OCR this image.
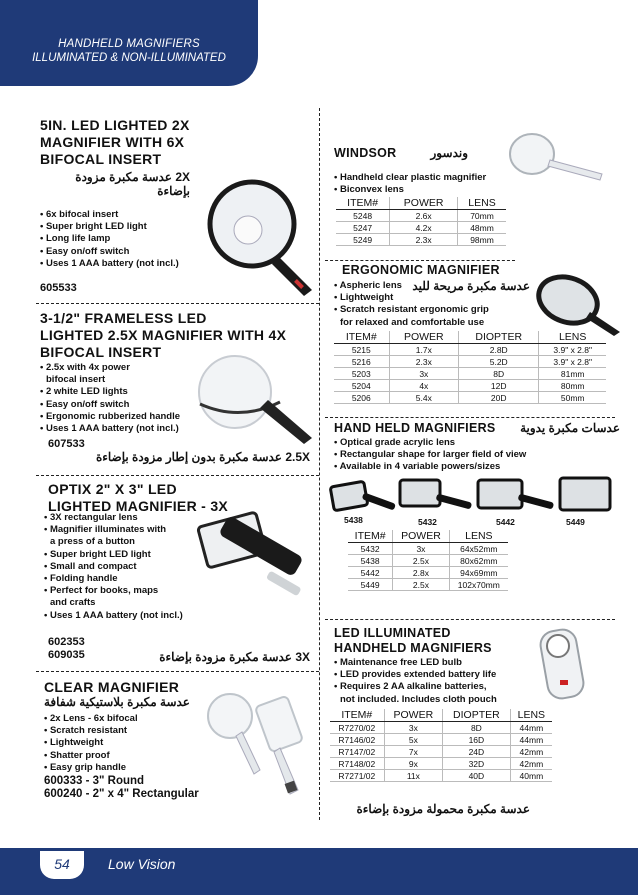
HANDHELD MAGNIFIERS
ILLUMINATED & NON-ILLUMINATED
5IN. LED LIGHTED 2X
MAGNIFIER WITH 6X
BIFOCAL INSERT
2X عدسة مكبرة مزودة بإضاءة
• 6x bifocal insert
• Super bright LED light
• Long life lamp
• Easy on/off switch
• Uses 1 AAA battery (not incl.)
605533
3-1/2" FRAMELESS LED
LIGHTED 2.5X MAGNIFIER WITH 4X
BIFOCAL INSERT
• 2.5x with 4x power
bifocal insert
• 2 white LED lights
• Easy on/off switch
• Ergonomic rubberized handle
• Uses 1 AAA battery (not incl.)
607533
2.5X عدسة مكبرة بدون إطار مزودة بإضاءة
OPTIX 2" X 3" LED
LIGHTED MAGNIFIER - 3X
• 3X rectangular lens
• Magnifier illuminates with
a press of a button
• Super bright LED light
• Small and compact
• Folding handle
• Perfect for books, maps
and crafts
• Uses 1 AAA battery (not incl.)
602353
609035	3X عدسة مكبرة مزودة بإضاءة
CLEAR MAGNIFIER
عدسة مكبرة بلاستيكية شفافة
• 2x Lens - 6x bifocal
• Scratch resistant
• Lightweight
• Shatter proof
• Easy grip handle
600333 - 3" Round
600240 - 2" x 4" Rectangular
WINDSOR	وندسور
• Handheld clear plastic magnifier
• Biconvex lens
ITEM#	POWER	LENS
5248	2.6x	70mm
5247	4.2x	48mm
5249	2.3x	98mm
ERGONOMIC MAGNIFIER
• Aspheric lens
• Lightweight
• Scratch resistant ergonomic grip
for relaxed and comfortable use
عدسة مكبرة مريحة لليد
ITEM#	POWER	DIOPTER	LENS
5215	1.7x	2.8D	3.9" x 2.8"
5216	2.3x	5.2D	3.9" x 2.8"
5203	3x	8D	81mm
5204	4x	12D	80mm
5206	5.4x	20D	50mm
HAND HELD MAGNIFIERS عدسات مكبرة يدوية
• Optical grade acrylic lens
• Rectangular shape for larger field of view
• Available in 4 variable powers/sizes
5438	5432	5442	5449
ITEM#	POWER	LENS
5432	3x	64x52mm
5438	2.5x	80x62mm
5442	2.8x	94x69mm
5449	2.5x	102x70mm
LED ILLUMINATED
HANDHELD MAGNIFIERS
• Maintenance free LED bulb
• LED provides extended battery life
• Requires 2 AA alkaline batteries,
not included. Includes cloth pouch
ITEM#	POWER	DIOPTER	LENS
R7270/02	3x	8D	44mm
R7146/02	5x	16D	44mm
R7147/02	7x	24D	42mm
R7148/02	9x	32D	42mm
R7271/02	11x	40D	40mm
عدسة مكبرة محمولة مزودة بإضاءة
54	Low Vision
